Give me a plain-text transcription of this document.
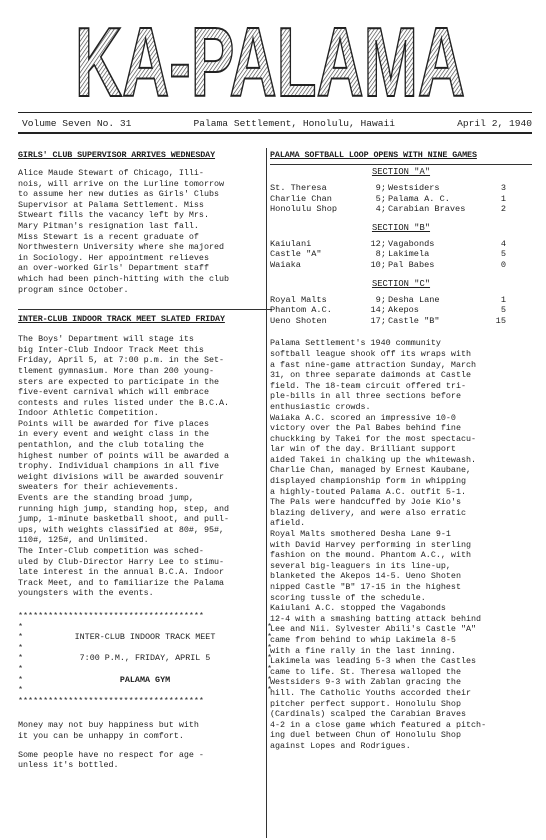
KA-PALAMA
Volume Seven No. 31	Palama Settlement, Honolulu, Hawaii	April 2, 1940

GIRLS' CLUB SUPERVISOR ARRIVES WEDNESDAY

Alice Maude Stewart of Chicago, Illi-
nois, will arrive on the Lurline tomorrow
to assume her new duties as Girls' Clubs
Supervisor at Palama Settlement. Miss
Stweart fills the vacancy left by Mrs.
Mary Pitman's resignation last fall.

Miss Stewart is a recent graduate of
Northwestern University where she majored
in Sociology. Her appointment relieves
an over-worked Girls' Department staff
which had been pinch-hitting with the club
program since October.

INTER-CLUB INDOOR TRACK MEET SLATED FRIDAY

The Boys' Department will stage its
big Inter-Club Indoor Track Meet this
Friday, April 5, at 7:00 p.m. in the Set-
tlement gymnasium. More than 200 young-
sters are expected to participate in the
five-event carnival which will embrace
contests and rules listed under the B.C.A.
Indoor Athletic Competition.

Points will be awarded for five places
in every event and weight class in the
pentathlon, and the club totaling the
highest number of points will be awarded a
trophy. Individual champions in all five
weight divisions will be awarded souvenir
sweaters for their achievements.

Events are the standing broad jump,
running high jump, standing hop, step, and
jump, 1-minute basketball shoot, and pull-
ups, with weights classified at 80#, 95#,
110#, 125#, and Unlimited.

The Inter-Club competition was sched-
uled by Club-Director Harry Lee to stimu-
late interest in the annual B.C.A. Indoor
Track Meet, and to familiarize the Palama
youngsters with the events.

*************************************

*
*
*
*
*
*
*

INTER-CLUB INDOOR TRACK MEET

7:00 P.M., FRIDAY, APRIL 5

PALAMA GYM

*
*
*
*
*
*
*

*************************************

Money may not buy happiness but with
it you can be unhappy in comfort.

Some people have no respect for age -
unless it's bottled.

PALAMA SOFTBALL LOOP OPENS WITH NINE GAMES

SECTION "A"

St. Theresa	9; Westsiders	3
Charlie Chan	5; Palama A. C.	1
Honolulu Shop	4; Carabian Braves	2

SECTION "B"

Kaiulani	12; Vagabonds	4
Castle "A"	8; Lakimela	5
Waiaka	10; Pal Babes	0

SECTION "C"

Royal Malts	9; Desha Lane	1
Phantom A.C.	14; Akepos	5
Ueno Shoten	17; Castle "B"	15

Palama Settlement's 1940 community
softball league shook off its wraps with
a fast nine-game attraction Sunday, March
31, on three separate daimonds at Castle
field. The 18-team circuit offered tri-
ple-bills in all three sections before
enthusiastic crowds.

Waiaka A.C. scored an impressive 10-0
victory over the Pal Babes behind fine
chuckking by Takei for the most spectacu-
lar win of the day. Brilliant support
aided Takei in chalking up the whitewash.
Charlie Chan, managed by Ernest Kaubane,
displayed championship form in whipping
a highly-touted Palama A.C. outfit 5-1.
The Pals were handcuffed by Joie Kio's
blazing delivery, and were also erratic
afield.

Royal Malts smothered Desha Lane 9-1
with David Harvey performing in sterling
fashion on the mound. Phantom A.C., with
several big-leaguers in its line-up,
blanketed the Akepos 14-5. Ueno Shoten
nipped Castle "B" 17-15 in the highest
scoring tussle of the schedule.

Kaiulani A.C. stopped the Vagabonds
12-4 with a smashing batting attack behind
Lee and Nii. Sylvester Abili's Castle "A"
came from behind to whip Lakimela 8-5
with a fine rally in the last inning.
Lakimela was leading 5-3 when the Castles
came to life. St. Theresa walloped the
Westsiders 9-3 with Zablan gracing the
hill. The Catholic Youths accorded their
pitcher perfect support. Honolulu Shop
(Cardinals) scalped the Carabian Braves
4-2 in a close game which featured a pitch-
ing duel between Chun of Honolulu Shop
against Lopes and Rodrigues.
